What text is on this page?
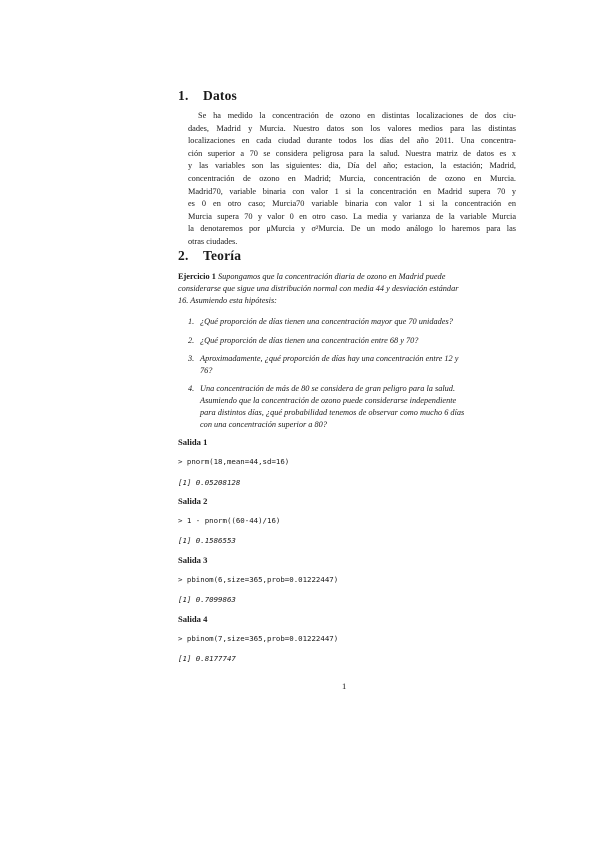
1. Datos
Se ha medido la concentración de ozono en distintas localizaciones de dos ciu-
dades, Madrid y Murcia. Nuestro datos son los valores medios para las distintas
localizaciones en cada ciudad durante todos los días del año 2011. Una concentra-
ción superior a 70 se considera peligrosa para la salud. Nuestra matriz de datos es x
y las variables son las siguientes: dia, Día del año; estacion, la estación; Madrid,
concentración de ozono en Madrid; Murcia, concentración de ozono en Murcia.
Madrid70, variable binaria con valor 1 si la concentración en Madrid supera 70 y
es 0 en otro caso; Murcia70 variable binaria con valor 1 si la concentración en
Murcia supera 70 y valor 0 en otro caso. La media y varianza de la variable Murcia
la denotaremos por μMurcia y σ²Murcia. De un modo análogo lo haremos para las
otras ciudades.
2. Teoría
Ejercicio 1 Supongamos que la concentración diaria de ozono en Madrid puede
considerarse que sigue una distribución normal con media 44 y desviación estándar
16. Asumiendo esta hipótesis:
1. ¿Qué proporción de días tienen una concentración mayor que 70 unidades?
2. ¿Qué proporción de días tienen una concentración entre 68 y 70?
3. Aproximadamente, ¿qué proporción de días hay una concentración entre 12 y
76?
4. Una concentración de más de 80 se considera de gran peligro para la salud.
Asumiendo que la concentración de ozono puede considerarse independiente
para distintos días, ¿qué probabilidad tenemos de observar como mucho 6 días
con una concentración superior a 80?
Salida 1
> pnorm(18,mean=44,sd=16)
[1] 0.05208128
Salida 2
> 1 - pnorm((60-44)/16)
[1] 0.1586553
Salida 3
> pbinom(6,size=365,prob=0.01222447)
[1] 0.7099863
Salida 4
> pbinom(7,size=365,prob=0.01222447)
[1] 0.8177747
1
